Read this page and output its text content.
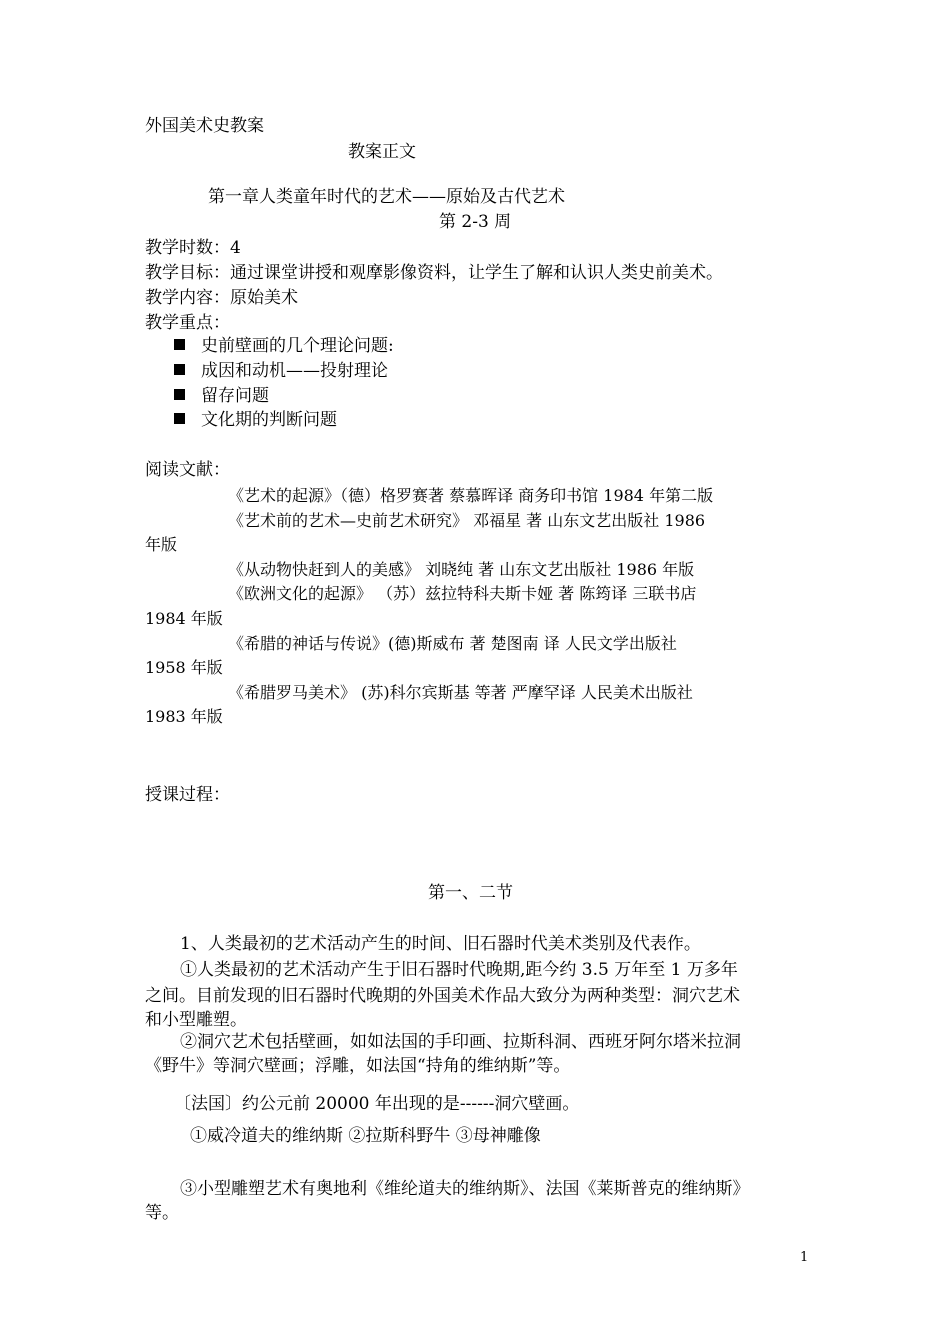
外国美术史教案
教案正文
第一章人类童年时代的艺术——原始及古代艺术
第 2-3 周
教学时数：4
教学目标：通过课堂讲授和观摩影像资料，让学生了解和认识人类史前美术。
教学内容：原始美术
教学重点：
史前壁画的几个理论问题:
成因和动机——投射理论
留存问题
文化期的判断问题
阅读文献：
《艺术的起源》（德）格罗赛著 蔡慕晖译 商务印书馆 1984 年第二版
《艺术前的艺术—史前艺术研究》 邓福星 著 山东文艺出版社 1986
年版
《从动物快赶到人的美感》 刘晓纯 著 山东文艺出版社 1986 年版
《欧洲文化的起源》 （苏）兹拉特科夫斯卡娅 著 陈筠译 三联书店
1984 年版
《希腊的神话与传说》(德)斯威布 著 楚图南 译 人民文学出版社
1958 年版
《希腊罗马美术》 (苏)科尔宾斯基 等著 严摩罕译 人民美术出版社
1983 年版
授课过程：
第一、二节
1、人类最初的艺术活动产生的时间、旧石器时代美术类别及代表作。
①人类最初的艺术活动产生于旧石器时代晚期,距今约 3.5 万年至 1 万多年
之间。目前发现的旧石器时代晚期的外国美术作品大致分为两种类型：洞穴艺术
和小型雕塑。
②洞穴艺术包括壁画，如如法国的手印画、拉斯科洞、西班牙阿尔塔米拉洞
《野牛》等洞穴壁画；浮雕，如法国“持角的维纳斯”等。
〔法国〕约公元前 20000 年出现的是------洞穴壁画。
①威冷道夫的维纳斯 ②拉斯科野牛 ③母神雕像
③小型雕塑艺术有奥地利《维纶道夫的维纳斯》、法国《莱斯普克的维纳斯》
等。
1
